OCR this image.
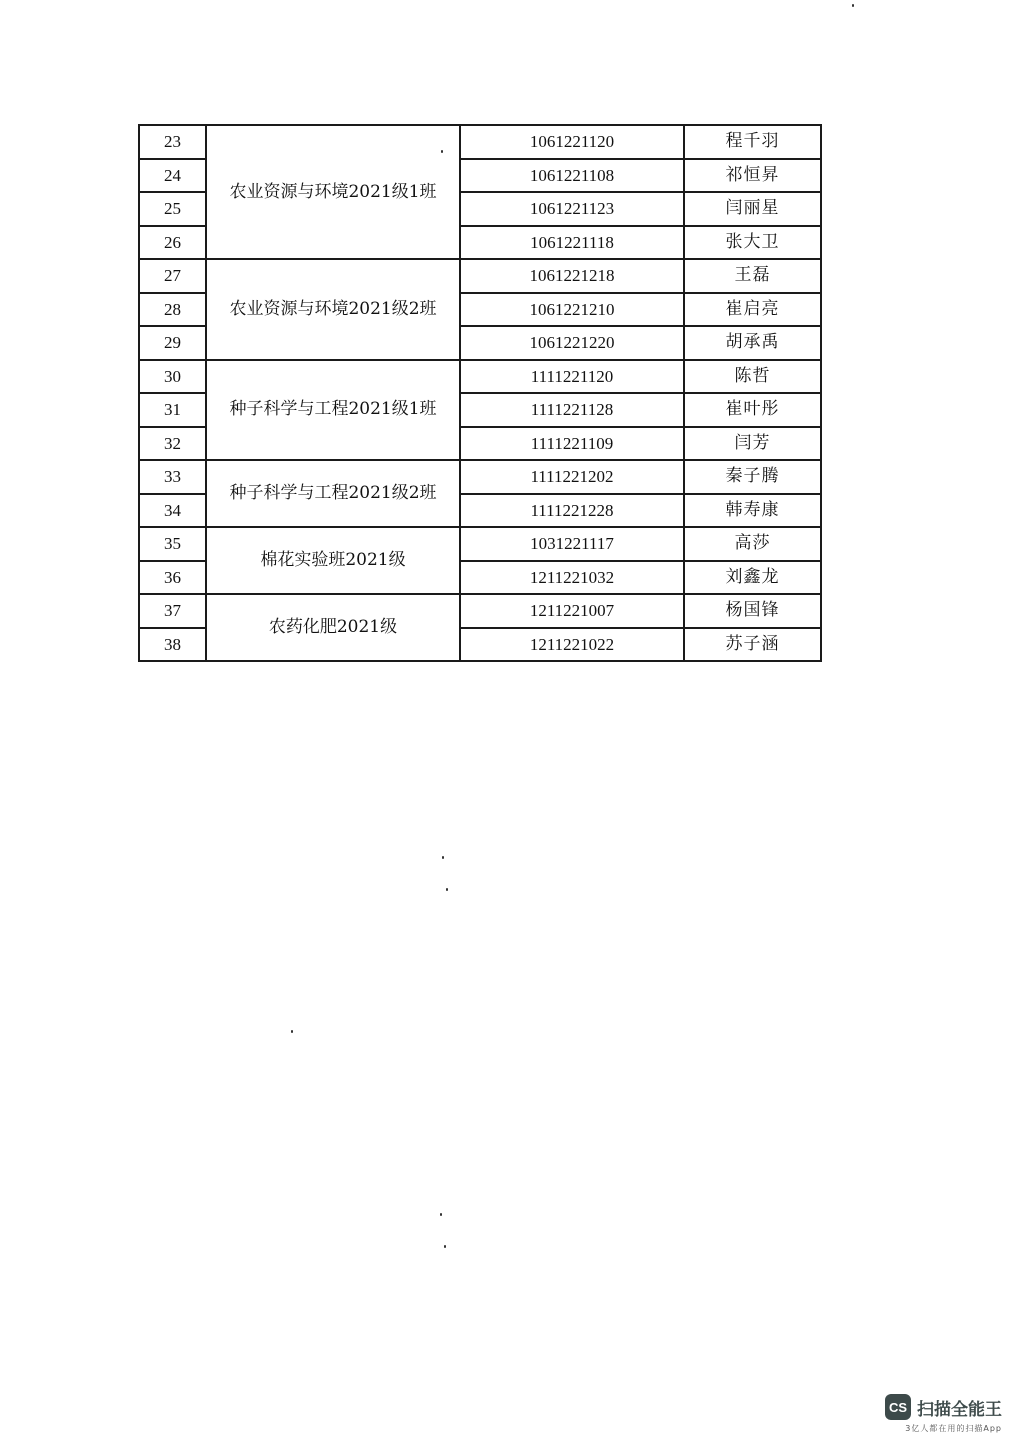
23	农业资源与环境2021级1班	1061221120	程千羽
24		1061221108	祁恒昇
25		1061221123	闫丽星
26		1061221118	张大卫
27	农业资源与环境2021级2班	1061221218	王磊
28		1061221210	崔启亮
29		1061221220	胡承禹
30	种子科学与工程2021级1班	1111221120	陈哲
31		1111221128	崔叶彤
32		1111221109	闫芳
33	种子科学与工程2021级2班	1111221202	秦子腾
34		1111221228	韩寿康
35	棉花实验班2021级	1031221117	高莎
36		1211221032	刘鑫龙
37	农药化肥2021级	1211221007	杨国锋
38		1211221022	苏子涵
CS 扫描全能王
3亿人都在用的扫描App
